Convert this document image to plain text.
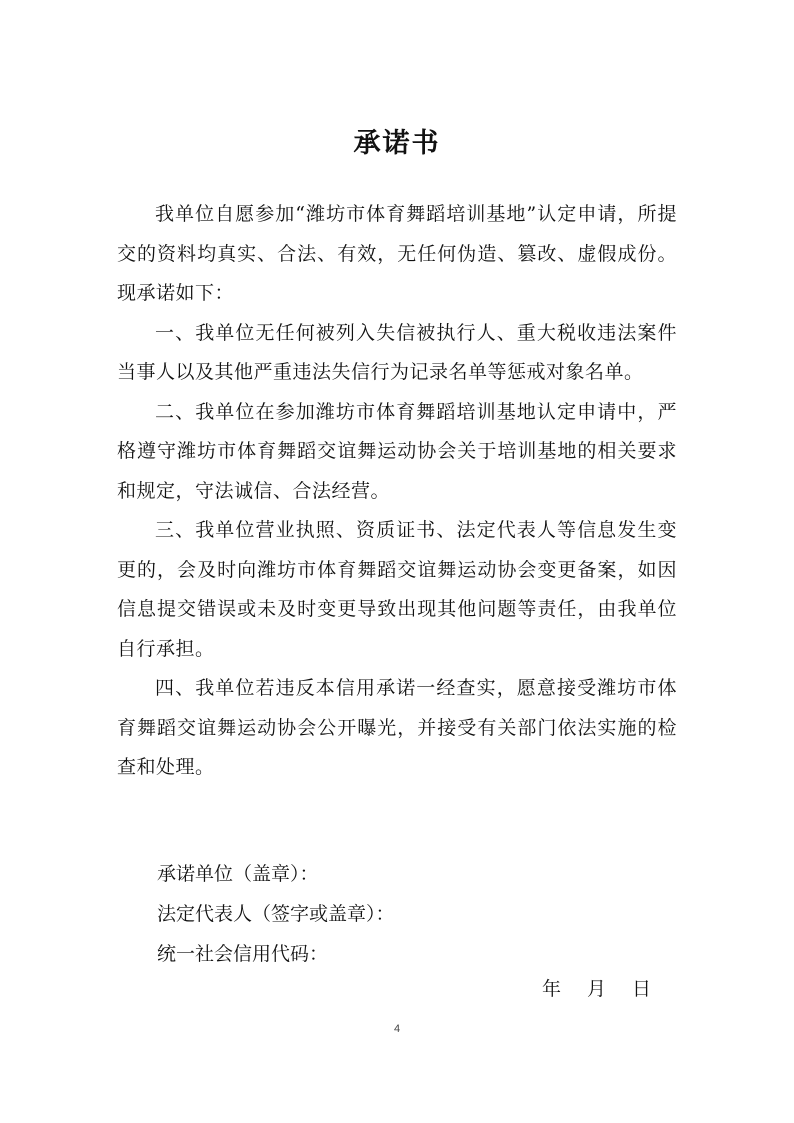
承诺书

我单位自愿参加“潍坊市体育舞蹈培训基地”认定申请，所提交的资料均真实、合法、有效，无任何伪造、篡改、虚假成份。现承诺如下：

一、我单位无任何被列入失信被执行人、重大税收违法案件当事人以及其他严重违法失信行为记录名单等惩戒对象名单。

二、我单位在参加潍坊市体育舞蹈培训基地认定申请中，严格遵守潍坊市体育舞蹈交谊舞运动协会关于培训基地的相关要求和规定，守法诚信、合法经营。

三、我单位营业执照、资质证书、法定代表人等信息发生变更的，会及时向潍坊市体育舞蹈交谊舞运动协会变更备案，如因信息提交错误或未及时变更导致出现其他问题等责任，由我单位自行承担。

四、我单位若违反本信用承诺一经查实，愿意接受潍坊市体育舞蹈交谊舞运动协会公开曝光，并接受有关部门依法实施的检查和处理。

承诺单位（盖章）：
法定代表人（签字或盖章）：
统一社会信用代码：
年 月 日
4
